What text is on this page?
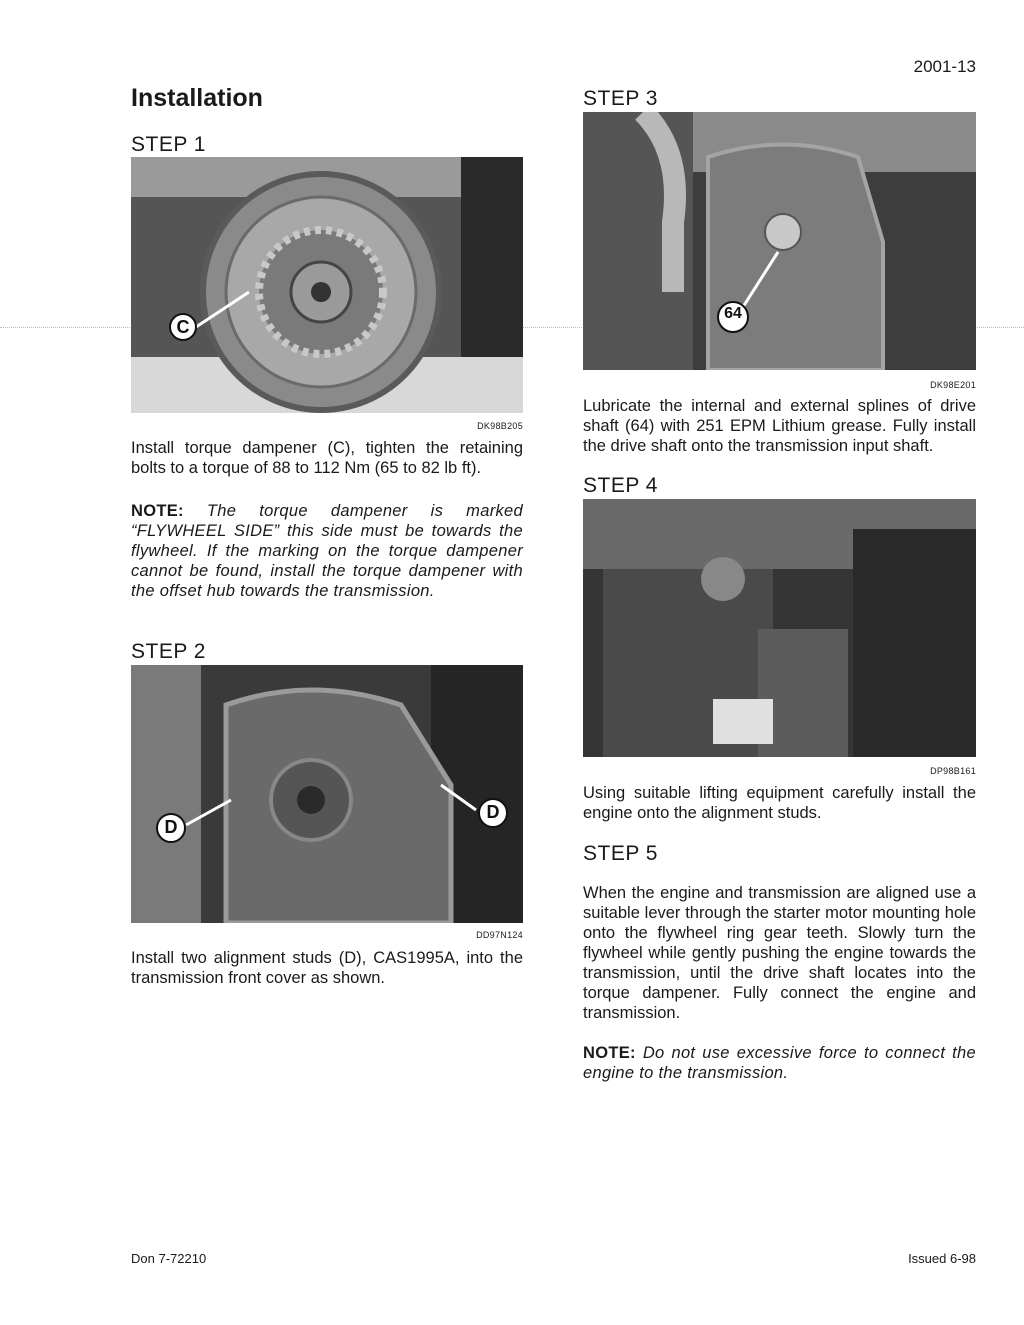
2001-13
Installation
STEP 1
C
DK98B205
Install torque dampener (C), tighten the retaining bolts to a torque of 88 to 112 Nm (65 to 82 lb ft).
NOTE: The torque dampener is marked “FLYWHEEL SIDE” this side must be towards the flywheel. If the marking on the torque dampener cannot be found, install the torque dampener with the offset hub towards the transmission.
STEP 2
D
D
DD97N124
Install two alignment studs (D), CAS1995A, into the transmission front cover as shown.
STEP 3
64
DK98E201
Lubricate the internal and external splines of drive shaft (64) with 251 EPM Lithium grease. Fully install the drive shaft onto the transmission input shaft.
STEP 4
DP98B161
Using suitable lifting equipment carefully install the engine onto the alignment studs.
STEP 5
When the engine and transmission are aligned use a suitable lever through the starter motor mounting hole onto the flywheel ring gear teeth. Slowly turn the flywheel while gently pushing the engine towards the transmission, until the drive shaft locates into the torque dampener. Fully connect the engine and transmission.
NOTE: Do not use excessive force to connect the engine to the transmission.
Don 7-72210	Issued 6-98
